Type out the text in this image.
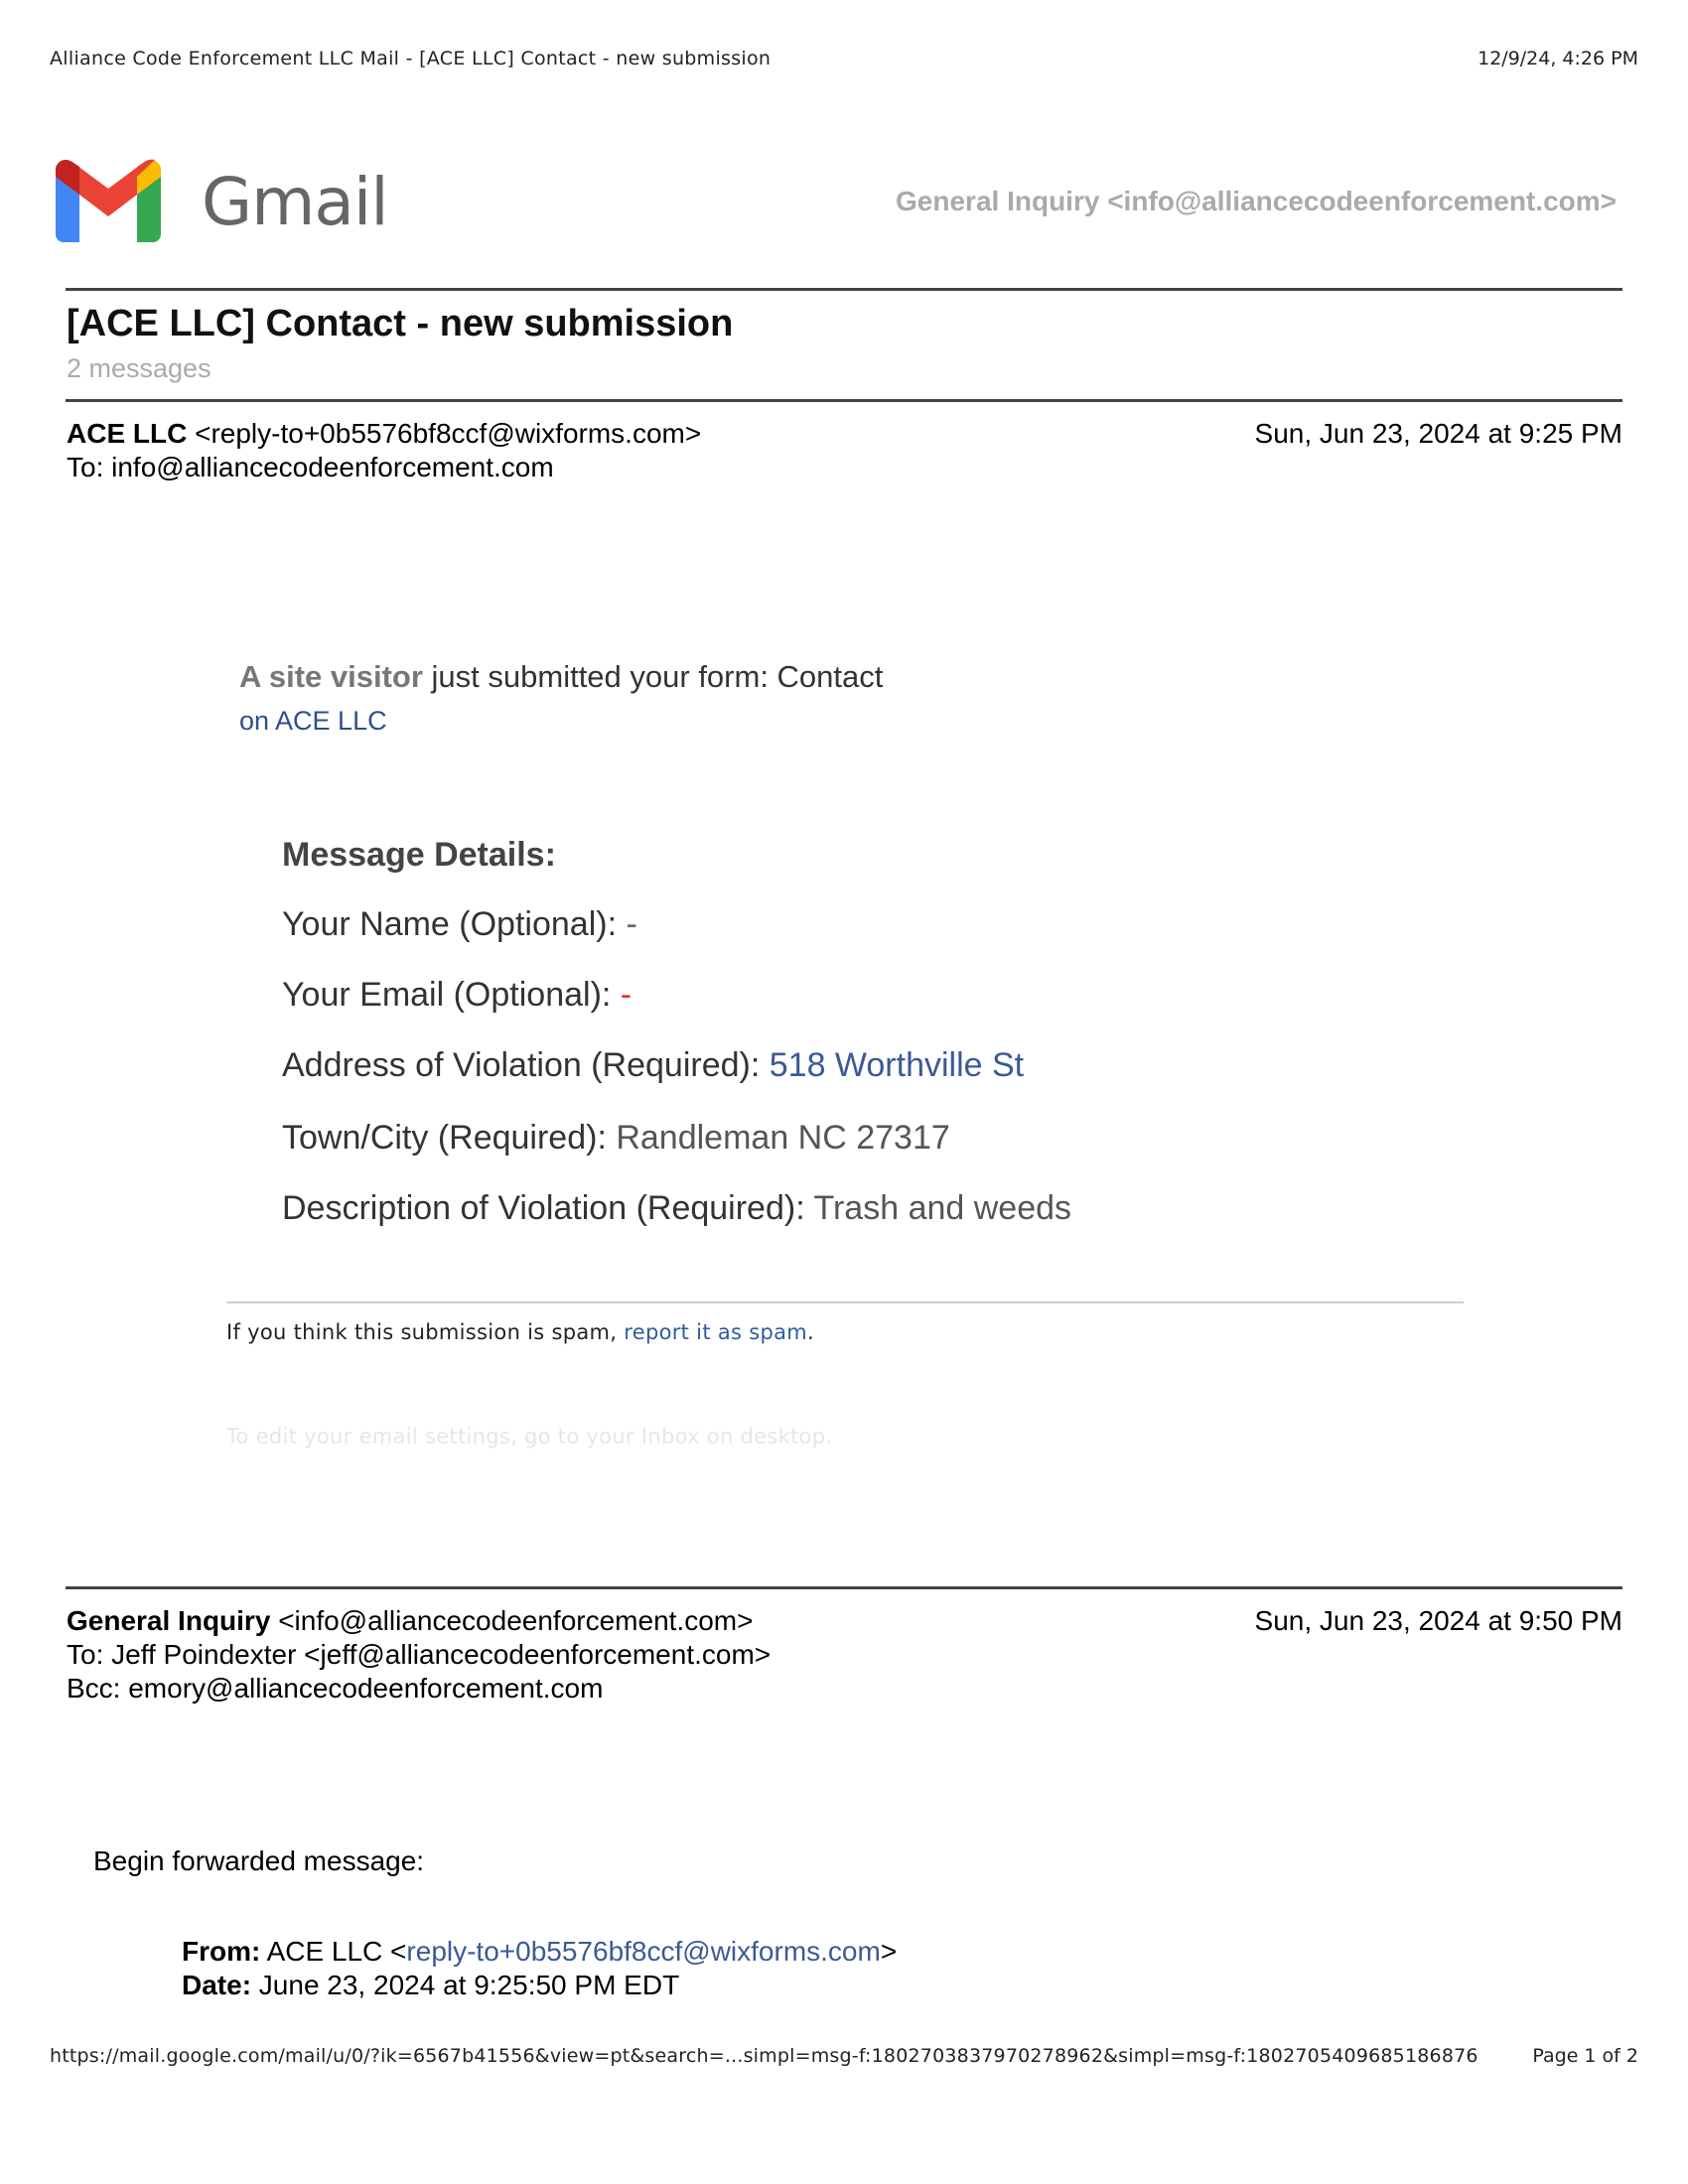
Alliance Code Enforcement LLC Mail - [ACE LLC] Contact - new submission	12/9/24, 4:26 PM
Gmail	General Inquiry <info@alliancecodeenforcement.com>
[ACE LLC] Contact - new submission
2 messages
ACE LLC <reply-to+0b5576bf8ccf@wixforms.com>
To: info@alliancecodeenforcement.com
Sun, Jun 23, 2024 at 9:25 PM
A site visitor just submitted your form: Contact
on ACE LLC
Message Details:
Your Name (Optional): -
Your Email (Optional): -
Address of Violation (Required): 518 Worthville St
Town/City (Required): Randleman NC 27317
Description of Violation (Required): Trash and weeds
If you think this submission is spam, report it as spam.
To edit your email settings, go to your Inbox on desktop.
General Inquiry <info@alliancecodeenforcement.com>
To: Jeff Poindexter <jeff@alliancecodeenforcement.com>
Bcc: emory@alliancecodeenforcement.com
Sun, Jun 23, 2024 at 9:50 PM
Begin forwarded message:
From: ACE LLC <reply-to+0b5576bf8ccf@wixforms.com>
Date: June 23, 2024 at 9:25:50 PM EDT
https://mail.google.com/mail/u/0/?ik=6567b41556&view=pt&search=...simpl=msg-f:1802703837970278962&simpl=msg-f:1802705409685186876	Page 1 of 2
